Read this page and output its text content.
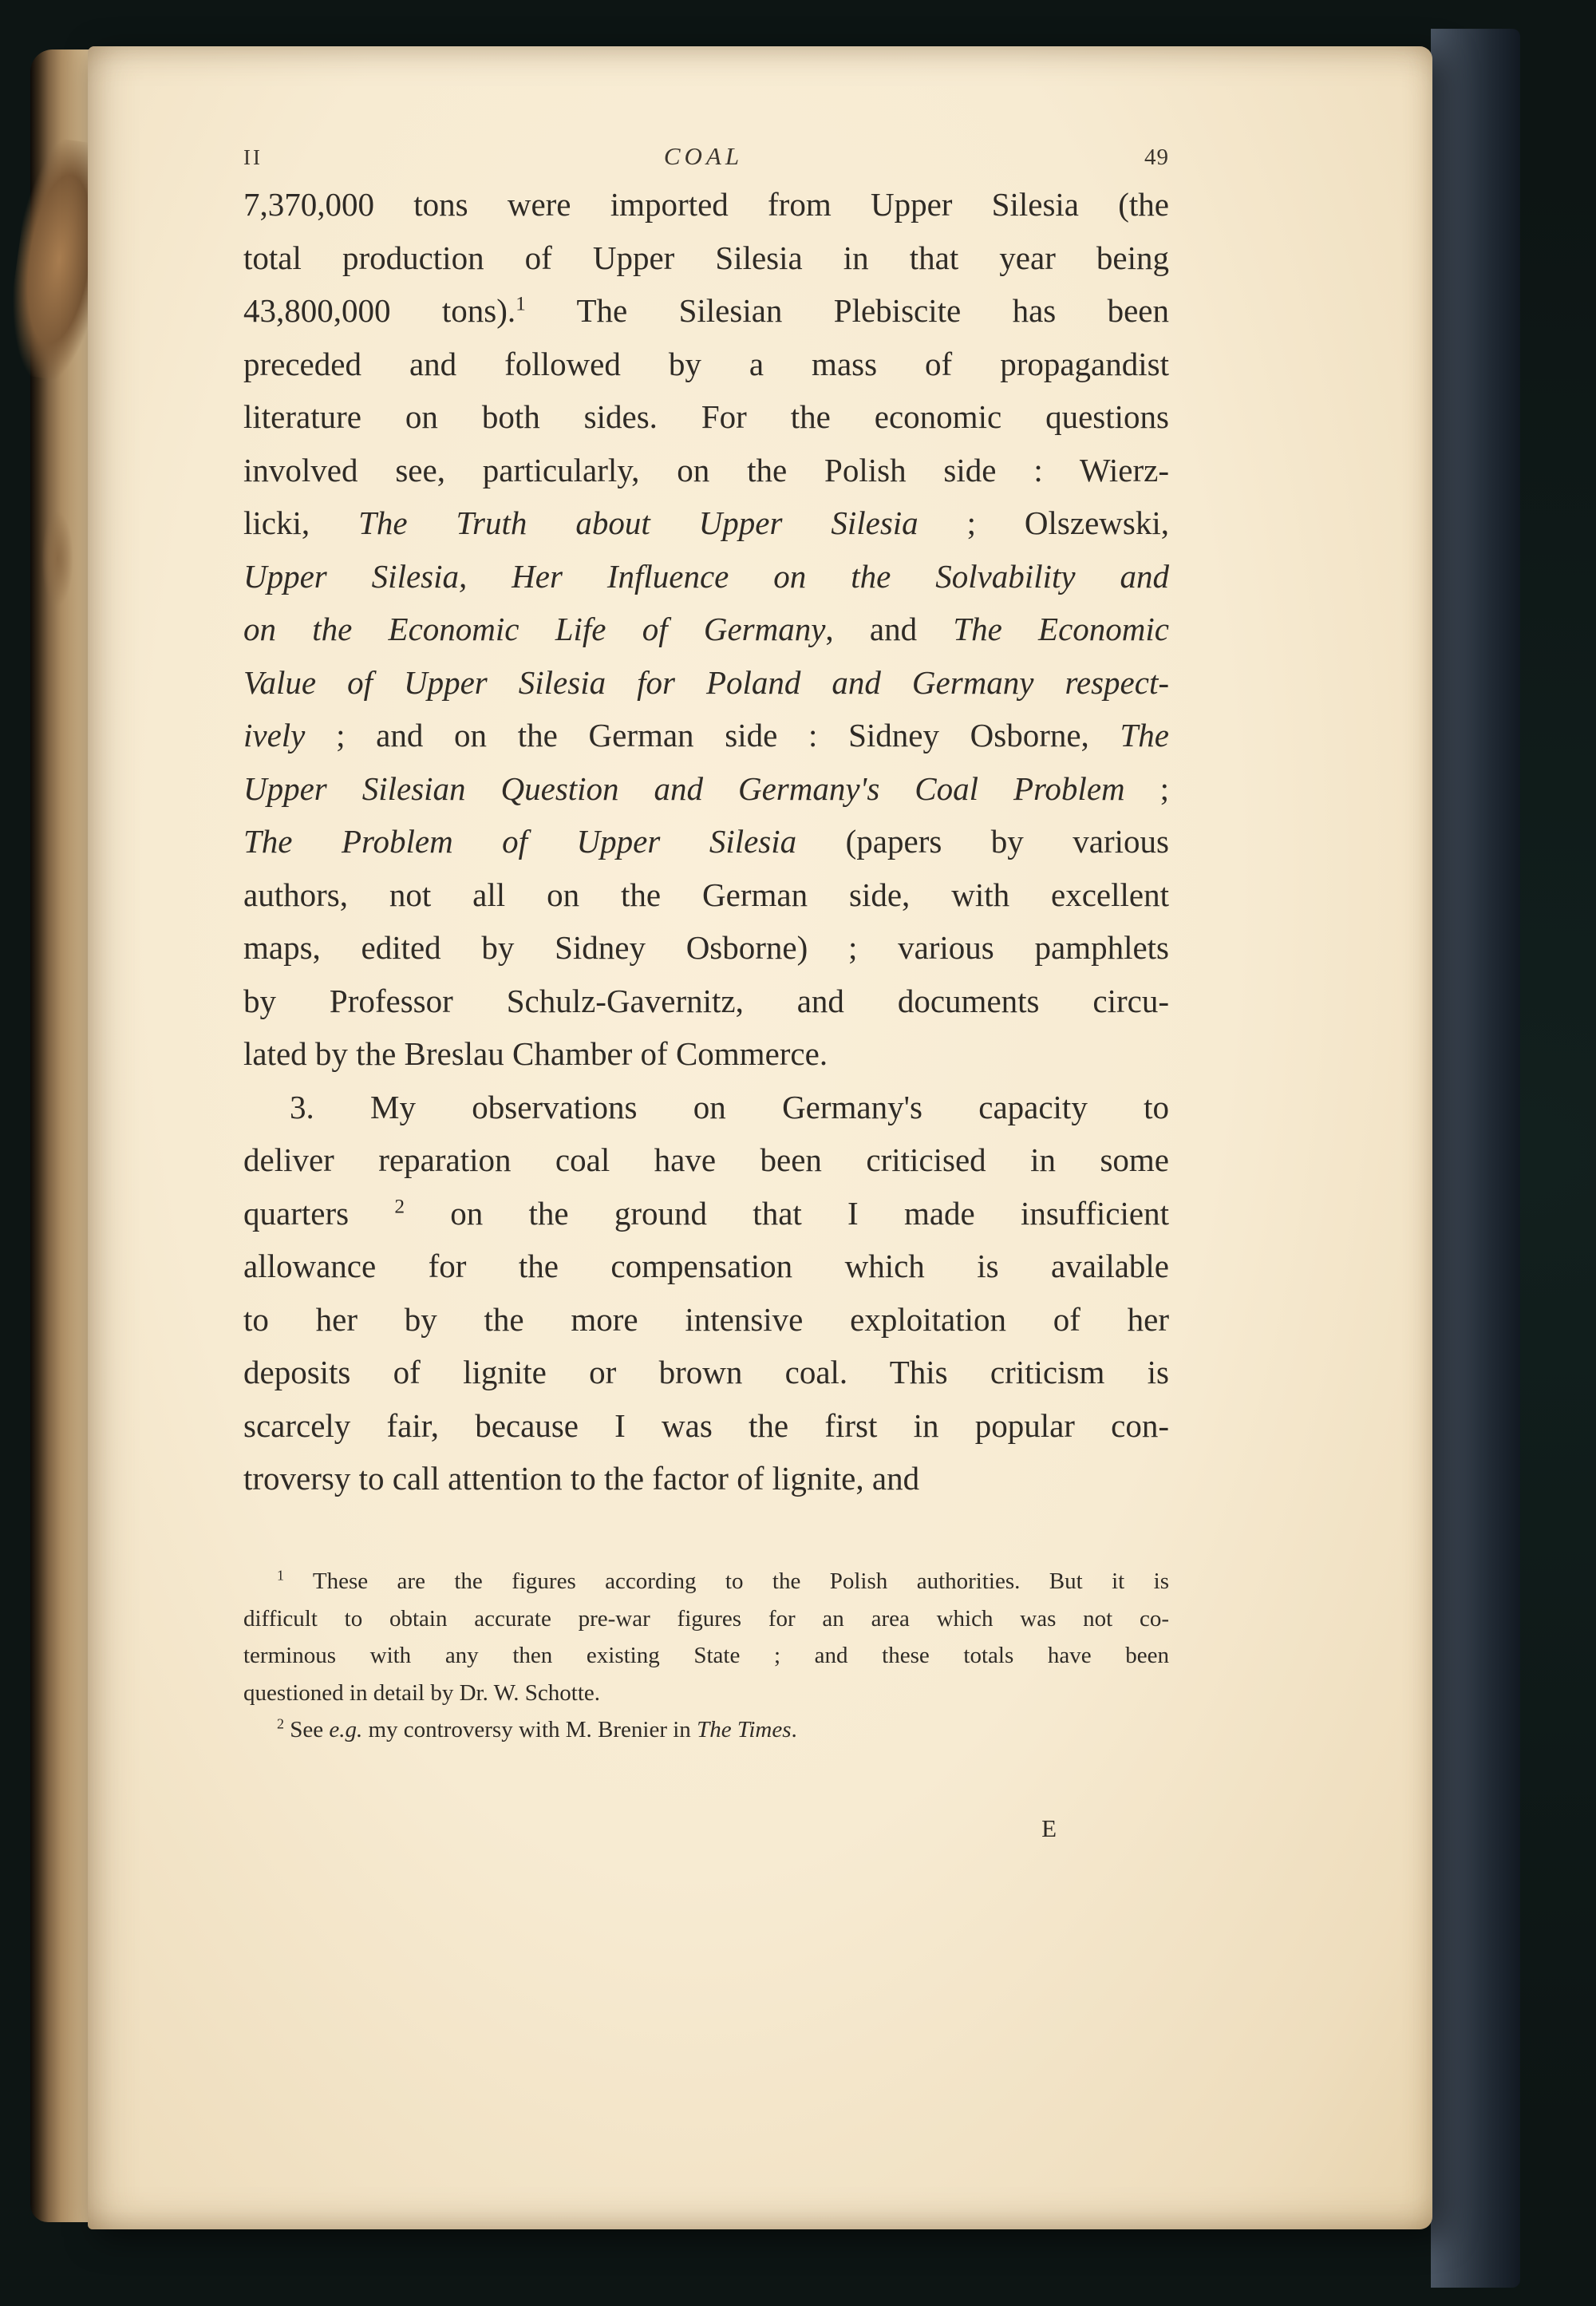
II	COAL	49
7,370,000 tons were imported from Upper Silesia (the
total production of Upper Silesia in that year being
43,800,000 tons).$^1$ The Silesian Plebiscite has been
preceded and followed by a mass of propagandist
literature on both sides. For the economic questions
involved see, particularly, on the Polish side : Wierz-
licki, The Truth about Upper Silesia ; Olszewski,
Upper Silesia, Her Influence on the Solvability and
on the Economic Life of Germany, and The Economic
Value of Upper Silesia for Poland and Germany respect-
ively ; and on the German side : Sidney Osborne, The
Upper Silesian Question and Germany's Coal Problem ;
The Problem of Upper Silesia (papers by various
authors, not all on the German side, with excellent
maps, edited by Sidney Osborne) ; various pamphlets
by Professor Schulz-Gavernitz, and documents circu-
lated by the Breslau Chamber of Commerce.
3. My observations on Germany's capacity to
deliver reparation coal have been criticised in some
quarters $^2$ on the ground that I made insufficient
allowance for the compensation which is available
to her by the more intensive exploitation of her
deposits of lignite or brown coal. This criticism is
scarcely fair, because I was the first in popular con-
troversy to call attention to the factor of lignite, and
$^1$ These are the figures according to the Polish authorities. But it is
difficult to obtain accurate pre-war figures for an area which was not co-
terminous with any then existing State ; and these totals have been
questioned in detail by Dr. W. Schotte.
$^2$ See e.g. my controversy with M. Brenier in The Times.
E
